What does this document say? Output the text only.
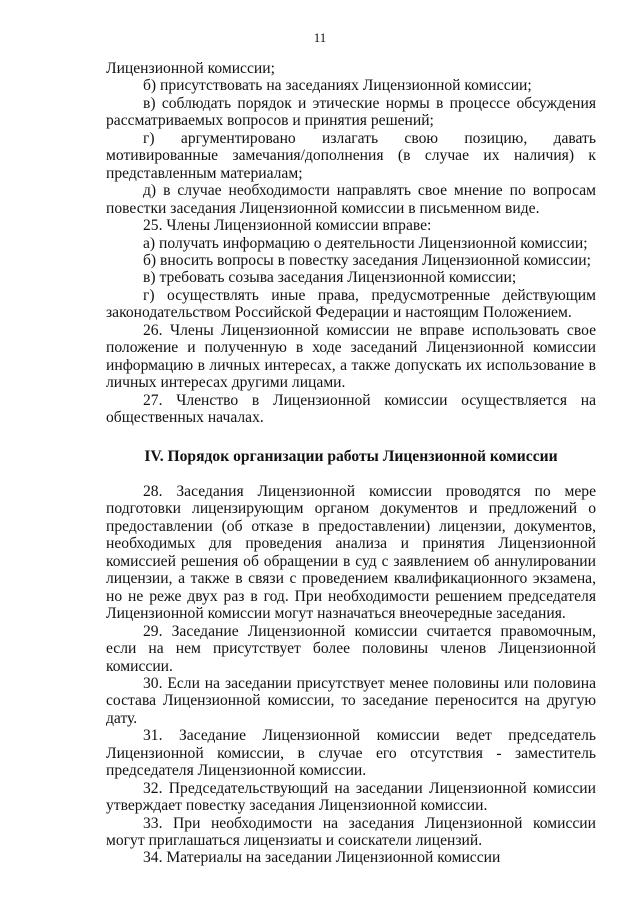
11

Лицензионной комиссии;

б) присутствовать на заседаниях Лицензионной комиссии;

в) соблюдать порядок и этические нормы в процессе обсуждения рассматриваемых вопросов и принятия решений;

г) аргументировано излагать свою позицию, давать мотивированные замечания/дополнения (в случае их наличия) к представленным материалам;

д) в случае необходимости направлять свое мнение по вопросам повестки заседания Лицензионной комиссии в письменном виде.

25. Члены Лицензионной комиссии вправе:

а) получать информацию о деятельности Лицензионной комиссии;

б) вносить вопросы в повестку заседания Лицензионной комиссии;

в) требовать созыва заседания Лицензионной комиссии;

г) осуществлять иные права, предусмотренные действующим законодательством Российской Федерации и настоящим Положением.

26. Члены Лицензионной комиссии не вправе использовать свое положение и полученную в ходе заседаний Лицензионной комиссии информацию в личных интересах, а также допускать их использование в личных интересах другими лицами.

27. Членство в Лицензионной комиссии осуществляется на общественных началах.

IV. Порядок организации работы Лицензионной комиссии

28. Заседания Лицензионной комиссии проводятся по мере подготовки лицензирующим органом документов и предложений о предоставлении (об отказе в предоставлении) лицензии, документов, необходимых для проведения анализа и принятия Лицензионной комиссией решения об обращении в суд с заявлением об аннулировании лицензии, а также в связи с проведением квалификационного экзамена, но не реже двух раз в год. При необходимости решением председателя Лицензионной комиссии могут назначаться внеочередные заседания.

29. Заседание Лицензионной комиссии считается правомочным, если на нем присутствует более половины членов Лицензионной комиссии.

30. Если на заседании присутствует менее половины или половина состава Лицензионной комиссии, то заседание переносится на другую дату.

31. Заседание Лицензионной комиссии ведет председатель Лицензионной комиссии, в случае его отсутствия - заместитель председателя Лицензионной комиссии.

32. Председательствующий на заседании Лицензионной комиссии утверждает повестку заседания Лицензионной комиссии.

33. При необходимости на заседания Лицензионной комиссии могут приглашаться лицензиаты и соискатели лицензий.

34. Материалы на заседании Лицензионной комиссии
